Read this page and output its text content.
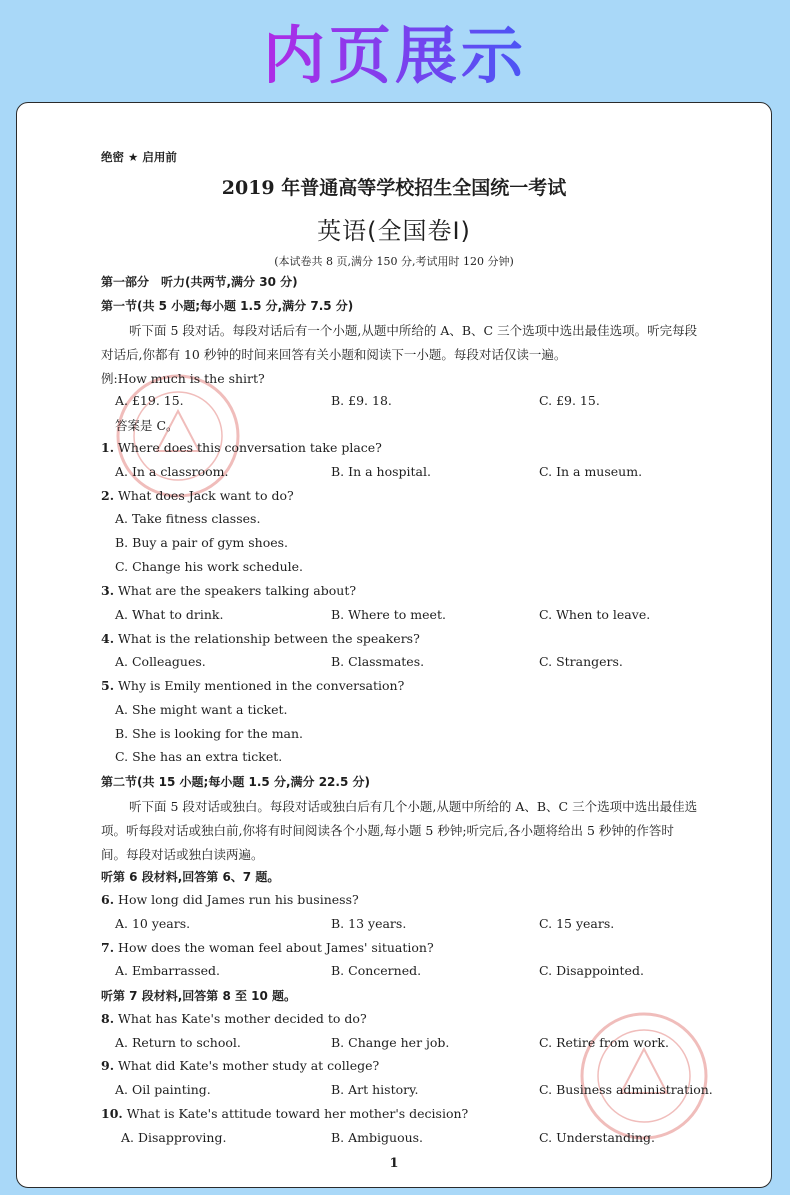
内页展示
绝密 ★ 启用前
2019 年普通高等学校招生全国统一考试
英语(全国卷Ⅰ)
(本试卷共 8 页,满分 150 分,考试用时 120 分钟)
第一部分　听力(共两节,满分 30 分)
第一节(共 5 小题;每小题 1.5 分,满分 7.5 分)
听下面 5 段对话。每段对话后有一个小题,从题中所给的 A、B、C 三个选项中选出最佳选项。听完每段
对话后,你都有 10 秒钟的时间来回答有关小题和阅读下一小题。每段对话仅读一遍。
例:How much is the shirt?
A. £19. 15.	B. £9. 18.	C. £9. 15.
答案是 C。
1. Where does this conversation take place?
A. In a classroom.	B. In a hospital.	C. In a museum.
2. What does Jack want to do?
A. Take fitness classes.
B. Buy a pair of gym shoes.
C. Change his work schedule.
3. What are the speakers talking about?
A. What to drink.	B. Where to meet.	C. When to leave.
4. What is the relationship between the speakers?
A. Colleagues.	B. Classmates.	C. Strangers.
5. Why is Emily mentioned in the conversation?
A. She might want a ticket.
B. She is looking for the man.
C. She has an extra ticket.
第二节(共 15 小题;每小题 1.5 分,满分 22.5 分)
听下面 5 段对话或独白。每段对话或独白后有几个小题,从题中所给的 A、B、C 三个选项中选出最佳选
项。听每段对话或独白前,你将有时间阅读各个小题,每小题 5 秒钟;听完后,各小题将给出 5 秒钟的作答时
间。每段对话或独白读两遍。
听第 6 段材料,回答第 6、7 题。
6. How long did James run his business?
A. 10 years.	B. 13 years.	C. 15 years.
7. How does the woman feel about James' situation?
A. Embarrassed.	B. Concerned.	C. Disappointed.
听第 7 段材料,回答第 8 至 10 题。
8. What has Kate's mother decided to do?
A. Return to school.	B. Change her job.	C. Retire from work.
9. What did Kate's mother study at college?
A. Oil painting.	B. Art history.	C. Business administration.
10. What is Kate's attitude toward her mother's decision?
A. Disapproving.	B. Ambiguous.	C. Understanding.
1
